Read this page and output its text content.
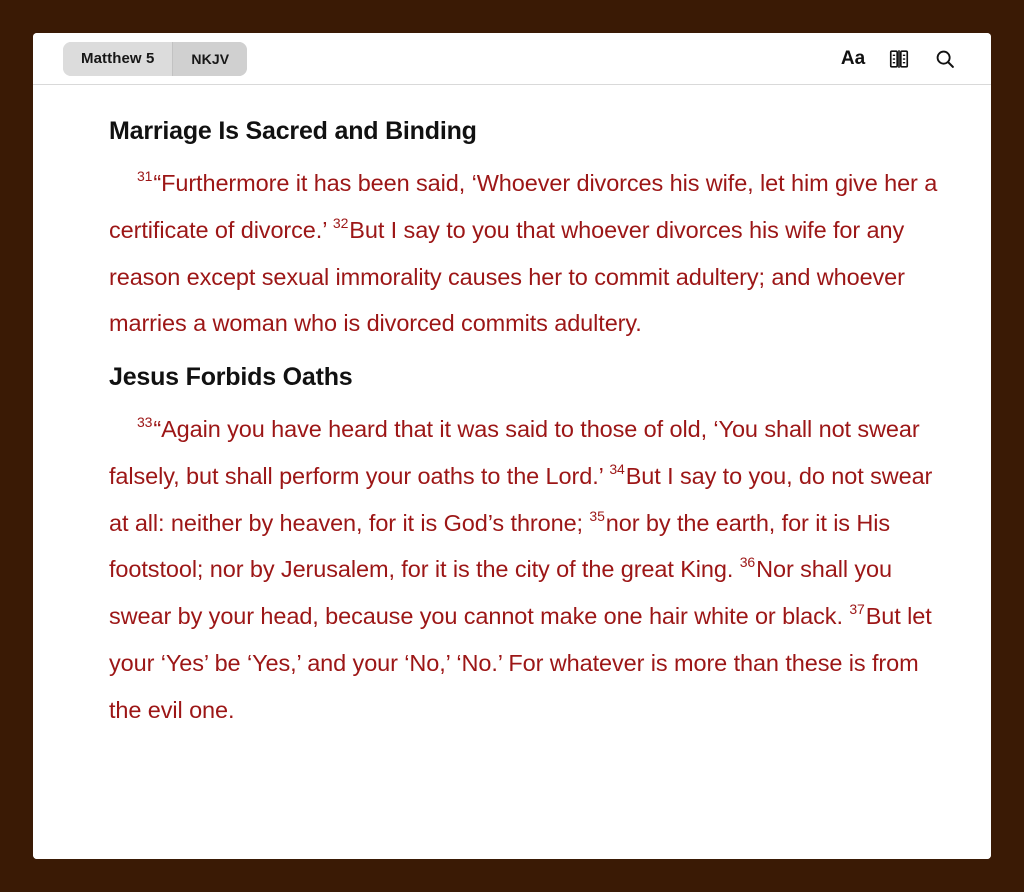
Matthew 5	NKJV	Aa
Marriage Is Sacred and Binding

$^{31}$“Furthermore it has been said, ‘Whoever divorces his wife, let him give her a certificate of divorce.’ $^{32}$But I say to you that whoever divorces his wife for any reason except sexual immorality causes her to commit adultery; and whoever marries a woman who is divorced commits adultery.

Jesus Forbids Oaths

$^{33}$“Again you have heard that it was said to those of old, ‘You shall not swear falsely, but shall perform your oaths to the Lord.’ $^{34}$But I say to you, do not swear at all: neither by heaven, for it is God’s throne; $^{35}$nor by the earth, for it is His footstool; nor by Jerusalem, for it is the city of the great King. $^{36}$Nor shall you swear by your head, because you cannot make one hair white or black. $^{37}$But let your ‘Yes’ be ‘Yes,’ and your ‘No,’ ‘No.’ For whatever is more than these is from the evil one.
